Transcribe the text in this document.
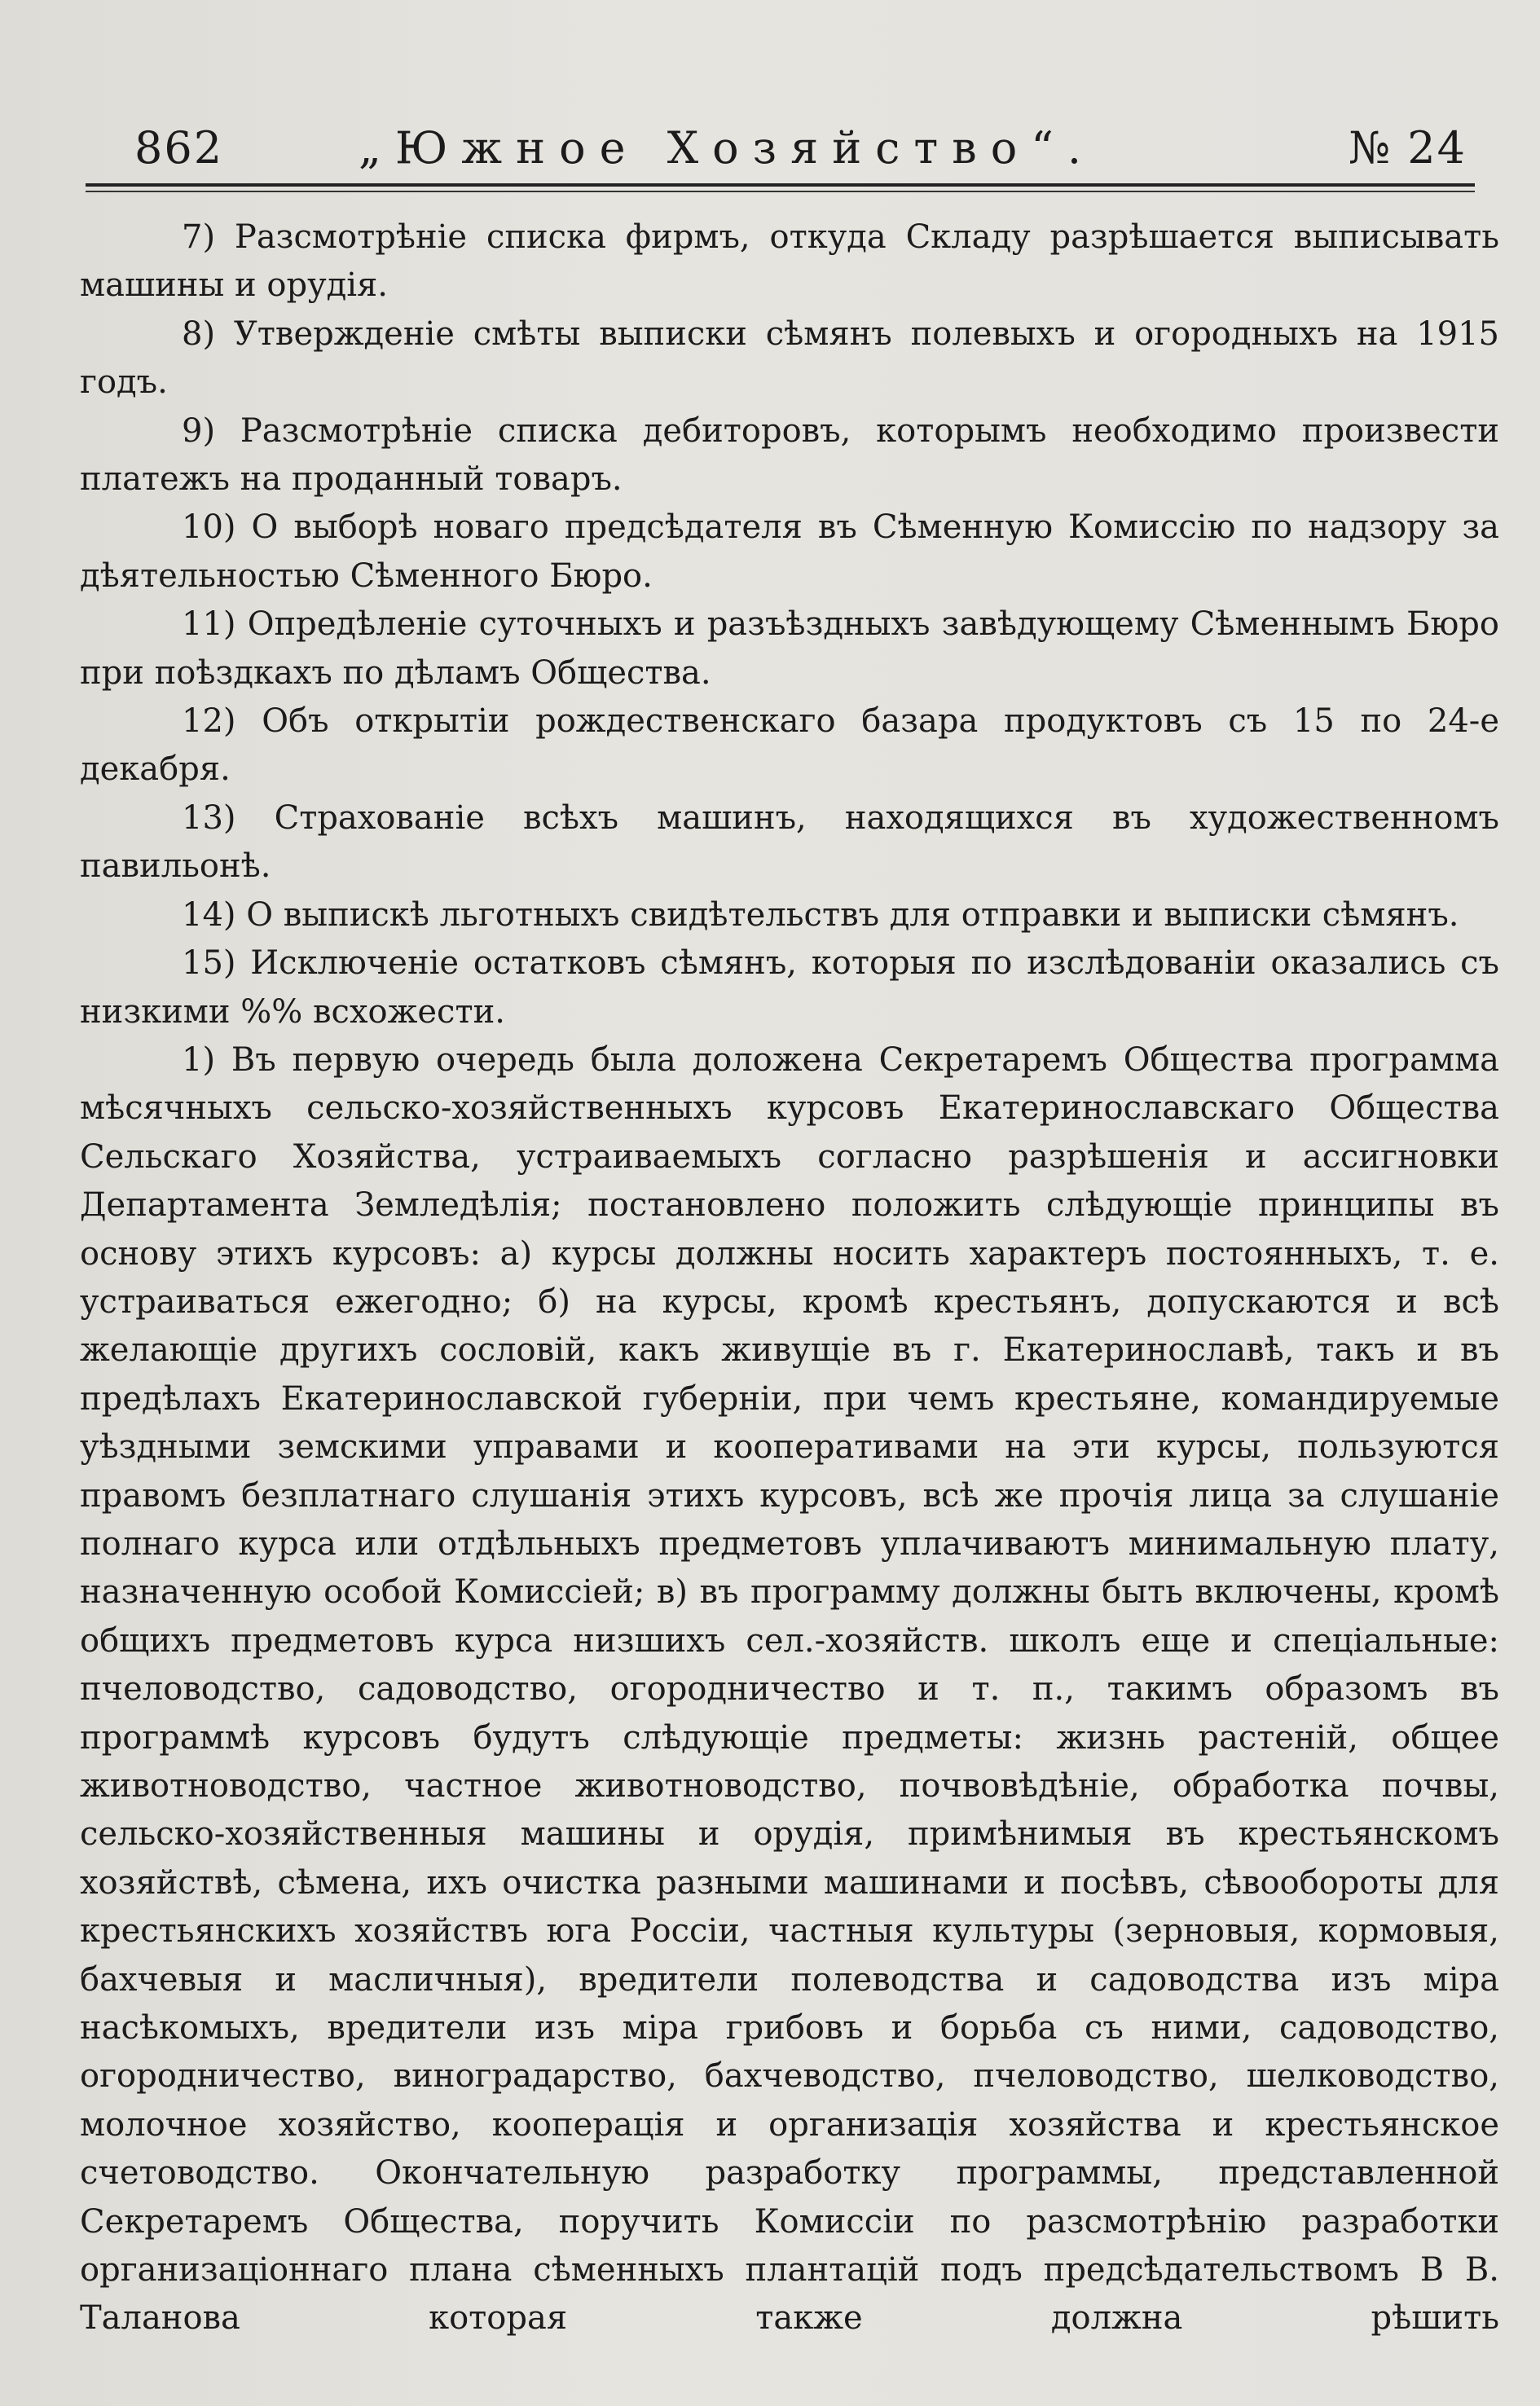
862	„Южное Хозяйство“.	№ 24

7) Разсмотрѣніе списка фирмъ, откуда Складу разрѣшается выписывать машины и орудія.

8) Утвержденіе смѣты выписки сѣмянъ полевыхъ и огородныхъ на 1915 годъ.

9) Разсмотрѣніе списка дебиторовъ, которымъ необходимо произвести платежъ на проданный товаръ.

10) О выборѣ новаго предсѣдателя въ Сѣменную Комиссію по надзору за дѣятельностью Сѣменного Бюро.

11) Опредѣленіе суточныхъ и разъѣздныхъ завѣдующему Сѣменнымъ Бюро при поѣздкахъ по дѣламъ Общества.

12) Объ открытіи рождественскаго базара продуктовъ съ 15 по 24-е декабря.

13) Страхованіе всѣхъ машинъ, находящихся въ художественномъ павильонѣ.

14) О выпискѣ льготныхъ свидѣтельствъ для отправки и выписки сѣмянъ.

15) Исключеніе остатковъ сѣмянъ, которыя по изслѣдованіи оказались съ низкими %% всхожести.

1) Въ первую очередь была доложена Секретаремъ Общества программа мѣсячныхъ сельско-хозяйственныхъ курсовъ Екатеринославскаго Общества Сельскаго Хозяйства, устраиваемыхъ согласно разрѣшенія и ассигновки Департамента Земледѣлія; постановлено положить слѣдующіе принципы въ основу этихъ курсовъ: а) курсы должны носить характеръ постоянныхъ, т. е. устраиваться ежегодно; б) на курсы, кромѣ крестьянъ, допускаются и всѣ желающіе другихъ сословій, какъ живущіе въ г. Екатеринославѣ, такъ и въ предѣлахъ Екатеринославской губерніи, при чемъ крестьяне, командируемые уѣздными земскими управами и кооперативами на эти курсы, пользуются правомъ безплатнаго слушанія этихъ курсовъ, всѣ же прочія лица за слушаніе полнаго курса или отдѣльныхъ предметовъ уплачиваютъ минимальную плату, назначенную особой Комиссіей; в) въ программу должны быть включены, кромѣ общихъ предметовъ курса низшихъ сел.-хозяйств. школъ еще и спеціальные: пчеловодство, садоводство, огородничество и т. п., такимъ образомъ въ программѣ курсовъ будутъ слѣдующіе предметы: жизнь растеній, общее животноводство, частное животноводство, почвовѣдѣніе, обработка почвы, сельско-хозяйственныя машины и орудія, примѣнимыя въ крестьянскомъ хозяйствѣ, сѣмена, ихъ очистка разными машинами и посѣвъ, сѣвообороты для крестьянскихъ хозяйствъ юга Россіи, частныя культуры (зерновыя, кормовыя, бахчевыя и масличныя), вредители полеводства и садоводства изъ міра насѣкомыхъ, вредители изъ міра грибовъ и борьба съ ними, садоводство, огородничество, виноградарство, бахчеводство, пчеловодство, шелководство, молочное хозяйство, кооперація и организація хозяйства и крестьянское счетоводство. Окончательную разработку программы, представленной Секретаремъ Общества, поручить Комиссіи по разсмотрѣнію разработки организаціоннаго плана сѣменныхъ плантацій подъ предсѣдательствомъ В В. Таланова которая также должна рѣшить
